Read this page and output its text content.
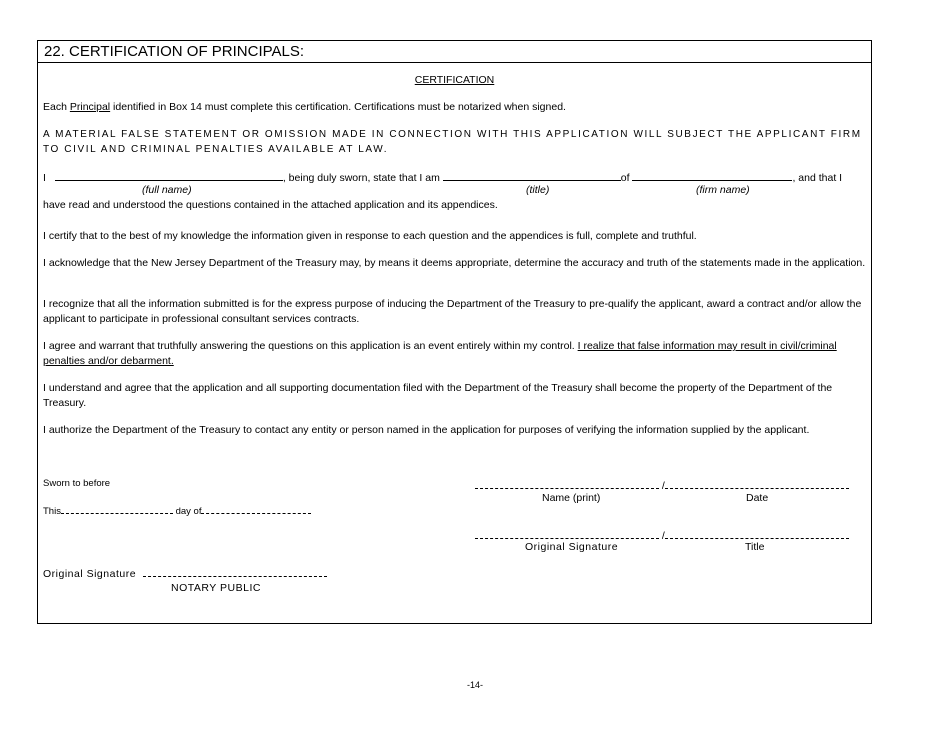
22. CERTIFICATION OF PRINCIPALS:
CERTIFICATION
Each Principal identified in Box 14 must complete this certification. Certifications must be notarized when signed.
A MATERIAL FALSE STATEMENT OR OMISSION MADE IN CONNECTION WITH THIS APPLICATION WILL SUBJECT THE APPLICANT FIRM TO CIVIL AND CRIMINAL PENALTIES AVAILABLE AT LAW.
I	, being duly sworn, state that I am	of	, and that I
(full name)	(title)	(firm name)
have read and understood the questions contained in the attached application and its appendices.
I certify that to the best of my knowledge the information given in response to each question and the appendices is full, complete and truthful.
I acknowledge that the New Jersey Department of the Treasury may, by means it deems appropriate, determine the accuracy and truth of the statements made in the application.
I recognize that all the information submitted is for the express purpose of inducing the Department of the Treasury to pre-qualify the applicant, award a contract and/or allow the applicant to participate in professional consultant services contracts.
I agree and warrant that truthfully answering the questions on this application is an event entirely within my control. I realize that false information may result in civil/criminal penalties and/or debarment.
I understand and agree that the application and all supporting documentation filed with the Department of the Treasury shall become the property of the Department of the Treasury.
I authorize the Department of the Treasury to contact any entity or person named in the application for purposes of verifying the information supplied by the applicant.
Sworn to before
This	day of
/
Name (print)	Date
/
Original Signature	Title
Original Signature
NOTARY PUBLIC
-14-
